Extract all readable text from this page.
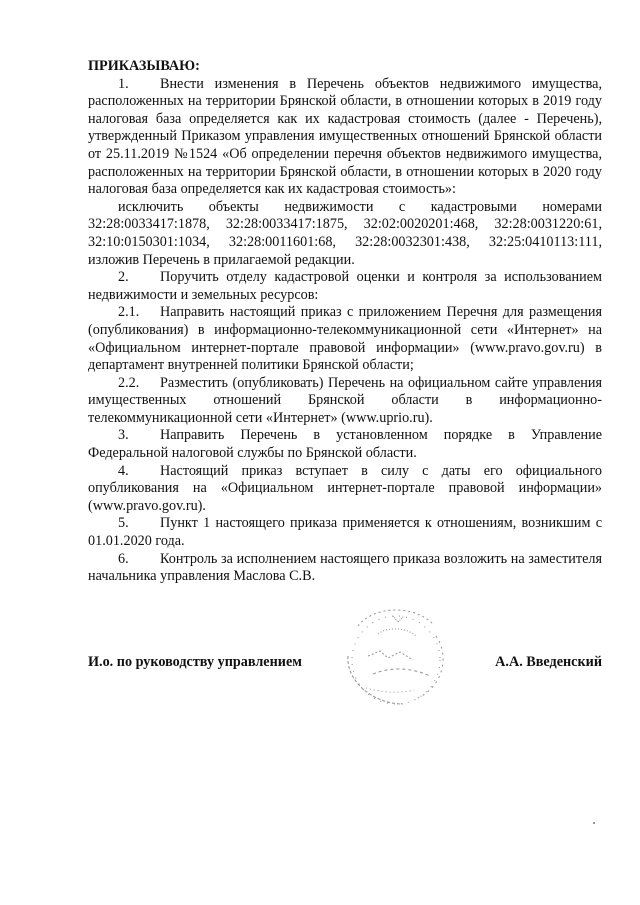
ПРИКАЗЫВАЮ:

1. Внести изменения в Перечень объектов недвижимого имущества, расположенных на территории Брянской области, в отношении которых в 2019 году налоговая база определяется как их кадастровая стоимость (далее - Перечень), утвержденный Приказом управления имущественных отношений Брянской области от 25.11.2019 №1524 «Об определении перечня объектов недвижимого имущества, расположенных на территории Брянской области, в отношении которых в 2020 году налоговая база определяется как их кадастровая стоимость»:

исключить объекты недвижимости с кадастровыми номерами 32:28:0033417:1878, 32:28:0033417:1875, 32:02:0020201:468, 32:28:0031220:61, 32:10:0150301:1034, 32:28:0011601:68, 32:28:0032301:438, 32:25:0410113:111, изложив Перечень в прилагаемой редакции.

2. Поручить отделу кадастровой оценки и контроля за использованием недвижимости и земельных ресурсов:

2.1. Направить настоящий приказ с приложением Перечня для размещения (опубликования) в информационно-телекоммуникационной сети «Интернет» на «Официальном интернет-портале правовой информации» (www.pravo.gov.ru) в департамент внутренней политики Брянской области;

2.2. Разместить (опубликовать) Перечень на официальном сайте управления имущественных отношений Брянской области в информационно-телекоммуникационной сети «Интернет» (www.uprio.ru).

3. Направить Перечень в установленном порядке в Управление Федеральной налоговой службы по Брянской области.

4. Настоящий приказ вступает в силу с даты его официального опубликования на «Официальном интернет-портале правовой информации» (www.pravo.gov.ru).

5. Пункт 1 настоящего приказа применяется к отношениям, возникшим с 01.01.2020 года.

6. Контроль за исполнением настоящего приказа возложить на заместителя начальника управления Маслова С.В.

И.о. по руководству управлением	А.А. Введенский
